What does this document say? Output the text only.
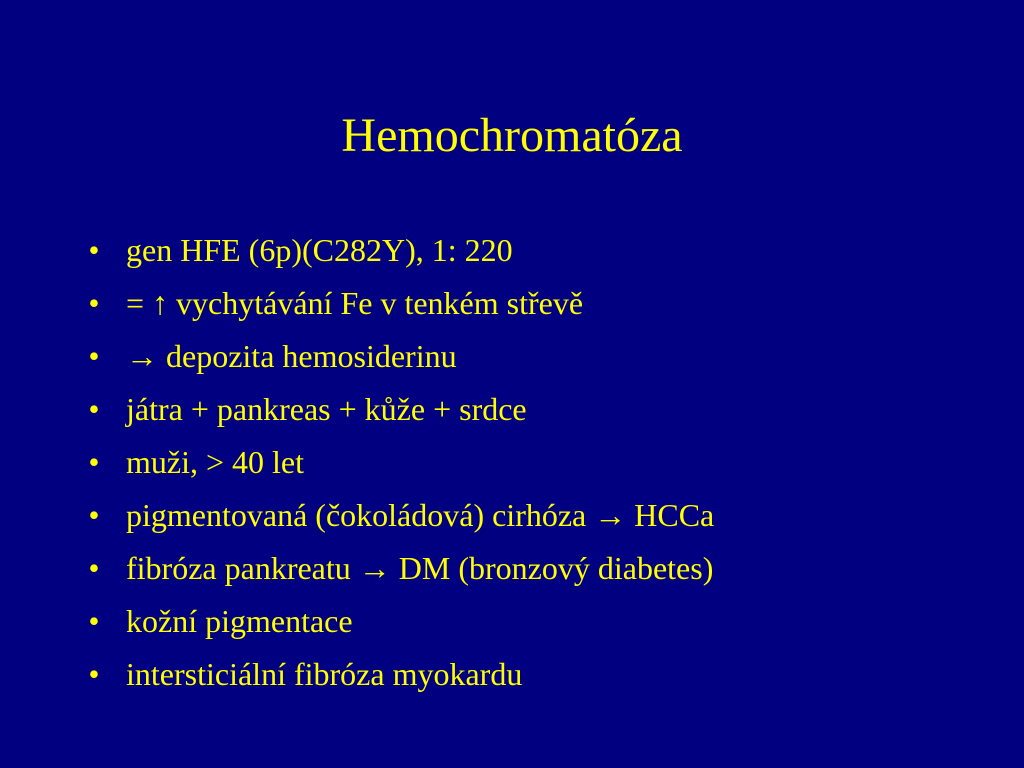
Hemochromatóza
• gen HFE (6p)(C282Y), 1: 220
• = ↑ vychytávání Fe v tenkém střevě
• → depozita hemosiderinu
• játra + pankreas + kůže + srdce
• muži, > 40 let
• pigmentovaná (čokoládová) cirhóza → HCCa
• fibróza pankreatu → DM (bronzový diabetes)
• kožní pigmentace
• intersticiální fibróza myokardu
